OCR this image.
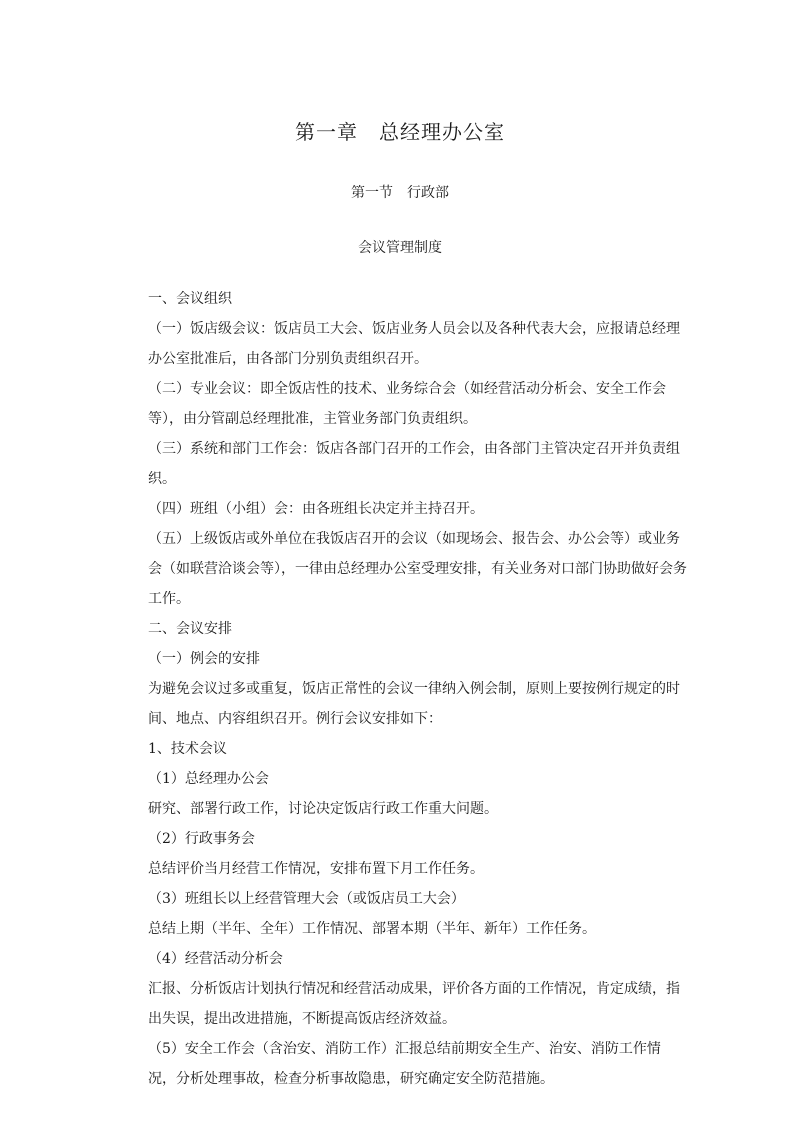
第一章　总经理办公室
第一节　行政部
会议管理制度

一、会议组织

（一）饭店级会议：饭店员工大会、饭店业务人员会以及各种代表大会，应报请总经理办公室批准后，由各部门分别负责组织召开。

（二）专业会议：即全饭店性的技术、业务综合会（如经营活动分析会、安全工作会等），由分管副总经理批准，主管业务部门负责组织。

（三）系统和部门工作会：饭店各部门召开的工作会，由各部门主管决定召开并负责组织。

（四）班组（小组）会：由各班组长决定并主持召开。

（五）上级饭店或外单位在我饭店召开的会议（如现场会、报告会、办公会等）或业务会（如联营洽谈会等），一律由总经理办公室受理安排，有关业务对口部门协助做好会务工作。

二、会议安排

（一）例会的安排

为避免会议过多或重复，饭店正常性的会议一律纳入例会制，原则上要按例行规定的时间、地点、内容组织召开。例行会议安排如下：

1、技术会议

（1）总经理办公会

研究、部署行政工作，讨论决定饭店行政工作重大问题。

（2）行政事务会

总结评价当月经营工作情况，安排布置下月工作任务。

（3）班组长以上经营管理大会（或饭店员工大会）

总结上期（半年、全年）工作情况、部署本期（半年、新年）工作任务。

（4）经营活动分析会

汇报、分析饭店计划执行情况和经营活动成果，评价各方面的工作情况，肯定成绩，指出失误，提出改进措施，不断提高饭店经济效益。

（5）安全工作会（含治安、消防工作）汇报总结前期安全生产、治安、消防工作情况，分析处理事故，检查分析事故隐患，研究确定安全防范措施。
